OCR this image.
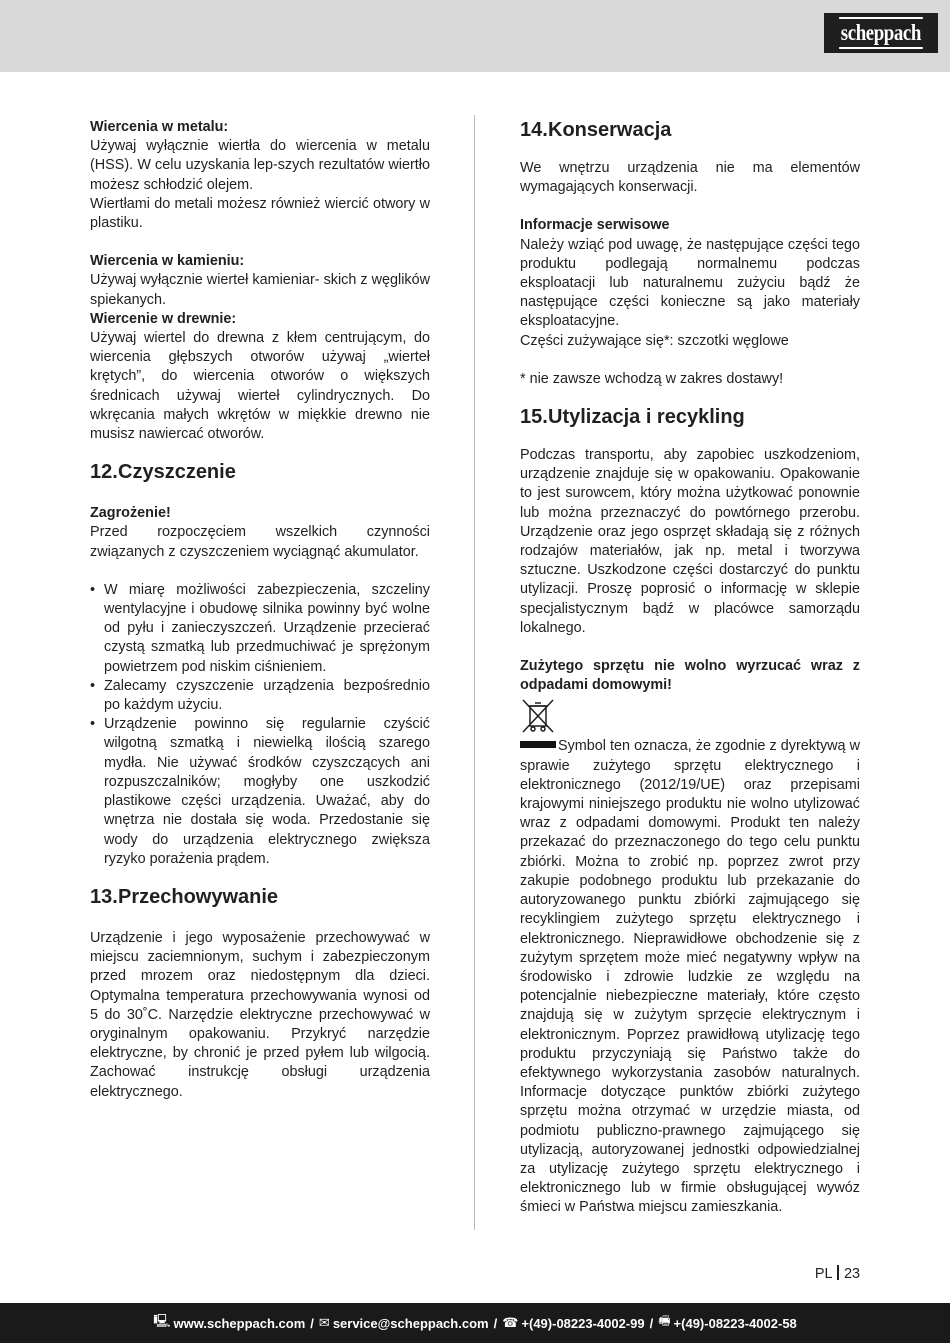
scheppach

Wiercenia w metalu:

Używaj wyłącznie wiertła do wiercenia w metalu (HSS). W celu uzyskania lep-szych rezultatów wiertło możesz schłodzić olejem.

Wiertłami do metali możesz również wiercić otwory w plastiku.

Wiercenia w kamieniu:

Używaj wyłącznie wierteł kamieniar- skich z węglików spiekanych.

Wiercenie w drewnie:

Używaj wiertel do drewna z kłem centrującym, do wiercenia głębszych otworów używaj „wierteł krętych”, do wiercenia otworów o większych średnicach używaj wierteł cylindrycznych. Do wkręcania małych wkrętów w miękkie drewno nie musisz nawiercać otworów.

12.Czyszczenie

Zagrożenie!

Przed rozpoczęciem wszelkich czynności związanych z czyszczeniem wyciągnąć akumulator.

• W miarę możliwości zabezpieczenia, szczeliny wentylacyjne i obudowę silnika powinny być wolne od pyłu i zanieczyszczeń. Urządzenie przecierać czystą szmatką lub przedmuchiwać je sprężonym powietrzem pod niskim ciśnieniem.
• Zalecamy czyszczenie urządzenia bezpośrednio po każdym użyciu.
• Urządzenie powinno się regularnie czyścić wilgotną szmatką i niewielką ilością szarego mydła. Nie używać środków czyszczących ani rozpuszczalników; mogłyby one uszkodzić plastikowe części urządzenia. Uważać, aby do wnętrza nie dostała się woda. Przedostanie się wody do urządzenia elektrycznego zwiększa ryzyko porażenia prądem.
13.Przechowywanie

Urządzenie i jego wyposażenie przechowywać w miejscu zaciemnionym, suchym i zabezpieczonym przed mrozem oraz niedostępnym dla dzieci. Optymalna temperatura przechowywania wynosi od 5 do 30˚C. Narzędzie elektryczne przechowywać w oryginalnym opakowaniu. Przykryć narzędzie elektryczne, by chronić je przed pyłem lub wilgocią. Zachować instrukcję obsługi urządzenia elektrycznego.

14.Konserwacja

We wnętrzu urządzenia nie ma elementów wymagających konserwacji.

Informacje serwisowe

Należy wziąć pod uwagę, że następujące części tego produktu podlegają normalnemu podczas eksploatacji lub naturalnemu zużyciu bądź że następujące części konieczne są jako materiały eksploatacyjne.

Części zużywające się*: szczotki węglowe

* nie zawsze wchodzą w zakres dostawy!

15.Utylizacja i recykling

Podczas transportu, aby zapobiec uszkodzeniom, urządzenie znajduje się w opakowaniu. Opakowanie to jest surowcem, który można użytkować ponownie lub można przeznaczyć do powtórnego przerobu. Urządzenie oraz jego osprzęt składają się z różnych rodzajów materiałów, jak np. metal i tworzywa sztuczne. Uszkodzone części dostarczyć do punktu utylizacji. Proszę poprosić o informację w sklepie specjalistycznym bądź w placówce samorządu lokalnego.

Zużytego sprzętu nie wolno wyrzucać wraz z odpadami domowymi!

Symbol ten oznacza, że zgodnie z dyrektywą w sprawie zużytego sprzętu elektrycznego i elektronicznego (2012/19/UE) oraz przepisami krajowymi niniejszego produktu nie wolno utylizować wraz z odpadami domowymi. Produkt ten należy przekazać do przeznaczonego do tego celu punktu zbiórki. Można to zrobić np. poprzez zwrot przy zakupie podobnego produktu lub przekazanie do autoryzowanego punktu zbiórki zajmującego się recyklingiem zużytego sprzętu elektrycznego i elektronicznego. Nieprawidłowe obchodzenie się z zużytym sprzętem może mieć negatywny wpływ na środowisko i zdrowie ludzkie ze względu na potencjalnie niebezpieczne materiały, które często znajdują się w zużytym sprzęcie elektrycznym i elektronicznym. Poprzez prawidłową utylizację tego produktu przyczyniają się Państwo także do efektywnego wykorzystania zasobów naturalnych. Informacje dotyczące punktów zbiórki zużytego sprzętu można otrzymać w urzędzie miasta, od podmiotu publiczno-prawnego zajmującego się utylizacją, autoryzowanej jednostki odpowiedzialnej za utylizację zużytego sprzętu elektrycznego i elektronicznego lub w firmie obsługującej wywóz śmieci w Państwa miejscu zamieszkania.

PL 23
🖳 www.scheppach.com / ✉ service@scheppach.com / ☎ +(49)-08223-4002-99 / 🖷 +(49)-08223-4002-58
